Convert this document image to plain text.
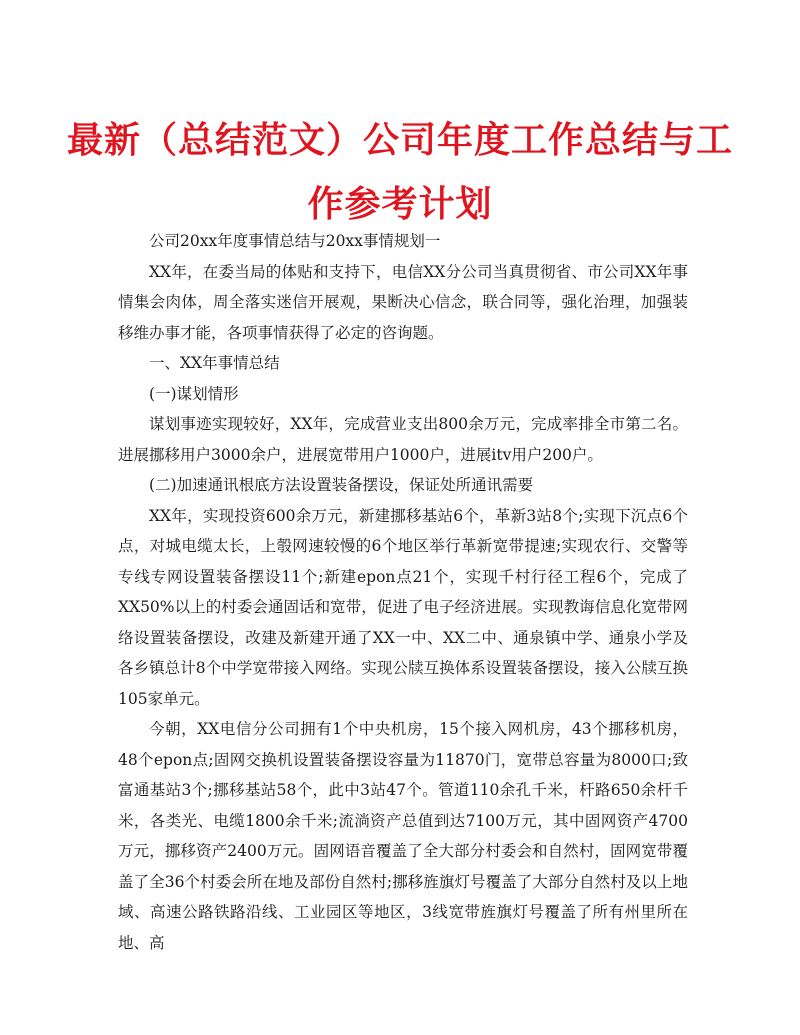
最新（总结范文）公司年度工作总结与工
作参考计划

公司20xx年度事情总结与20xx事情规划一

XX年，在委当局的体贴和支持下，电信XX分公司当真贯彻省、市公司XX年事情集会肉体，周全落实迷信开展观，果断决心信念，联合同等，强化治理，加强装移维办事才能，各项事情获得了必定的咨询题。

一、XX年事情总结

(一)谋划情形

谋划事迹实现较好，XX年，完成营业支出800余万元，完成率排全市第二名。进展挪移用户3000余户，进展宽带用户1000户，进展itv用户200户。

(二)加速通讯根底方法设置装备摆设，保证处所通讯需要

XX年，实现投资600余万元，新建挪移基站6个，革新3站8个;实现下沉点6个点，对城电缆太长，上彀网速较慢的6个地区举行革新宽带提速;实现农行、交警等专线专网设置装备摆设11个;新建epon点21个，实现千村行径工程6个，完成了XX50%以上的村委会通固话和宽带，促进了电子经济进展。实现教诲信息化宽带网络设置装备摆设，改建及新建开通了XX一中、XX二中、通泉镇中学、通泉小学及各乡镇总计8个中学宽带接入网络。实现公牍互换体系设置装备摆设，接入公牍互换105家单元。

今朝，XX电信分公司拥有1个中央机房，15个接入网机房，43个挪移机房，48个epon点;固网交换机设置装备摆设容量为11870门，宽带总容量为8000口;致富通基站3个;挪移基站58个，此中3站47个。管道110余孔千米，杆路650余杆千米，各类光、电缆1800余千米;流淌资产总值到达7100万元，其中固网资产4700万元，挪移资产2400万元。固网语音覆盖了全大部分村委会和自然村，固网宽带覆盖了全36个村委会所在地及部份自然村;挪移旌旗灯号覆盖了大部分自然村及以上地域、高速公路铁路沿线、工业园区等地区，3线宽带旌旗灯号覆盖了所有州里所在地、高
